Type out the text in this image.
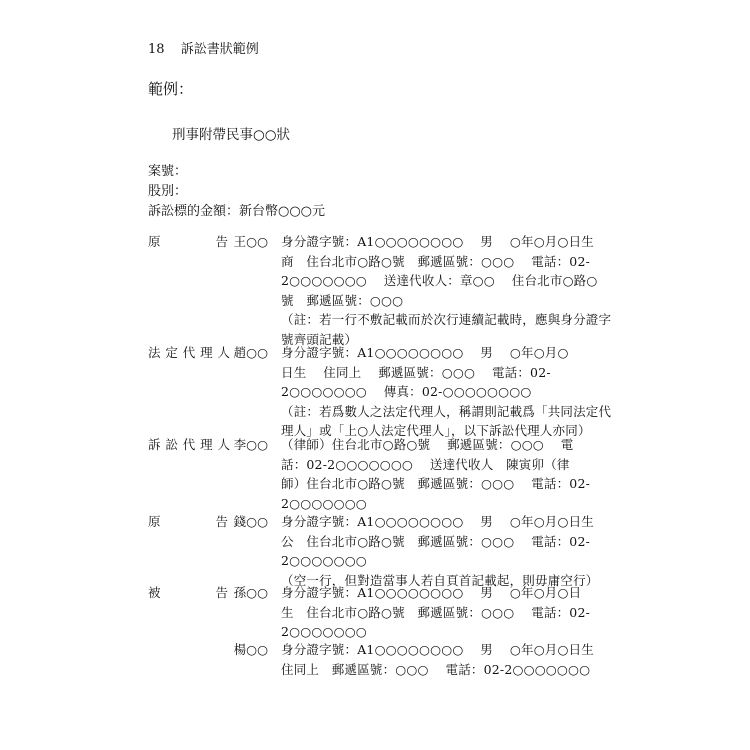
18 訴訟書狀範例
範例：
刑事附帶民事○○狀
案號：
股別：
訴訟標的金額：新台幣○○○元
原	告 王○○ 身分證字號：A1○○○○○○○○　 男　 ○年○月○日生
商　住台北市○路○號　郵遞區號：○○○　 電話：02-
2○○○○○○○　 送達代收人：章○○　 住台北市○路○
號　郵遞區號：○○○
（註：若一行不敷記載而於次行連續記載時，應與身分證字
號齊頭記載）
法 定 代 理 人 趙○○ 身分證字號：A1○○○○○○○○　 男　 ○年○月○
日生　 住同上　 郵遞區號：○○○　 電話：02-
2○○○○○○○　 傳真：02-○○○○○○○○
（註：若爲數人之法定代理人，稱謂則記載爲「共同法定代
理人」或「上○人法定代理人」，以下訴訟代理人亦同）
訴 訟 代 理 人 李○○ （律師）住台北市○路○號　 郵遞區號：○○○　 電
話：02-2○○○○○○○　 送達代收人　陳寅卯（律
師）住台北市○路○號　郵遞區號：○○○　 電話：02-
2○○○○○○○
原	告 錢○○ 身分證字號：A1○○○○○○○○　 男　 ○年○月○日生
公　住台北市○路○號　郵遞區號：○○○　 電話：02-
2○○○○○○○
（空一行，但對造當事人若自頁首記載起，則毋庸空行）
被	告 孫○○ 身分證字號：A1○○○○○○○○　 男　 ○年○月○日
生　住台北市○路○號　郵遞區號：○○○　 電話：02-
2○○○○○○○
楊○○ 身分證字號：A1○○○○○○○○　 男　 ○年○月○日生
住同上　郵遞區號：○○○　 電話：02-2○○○○○○○
